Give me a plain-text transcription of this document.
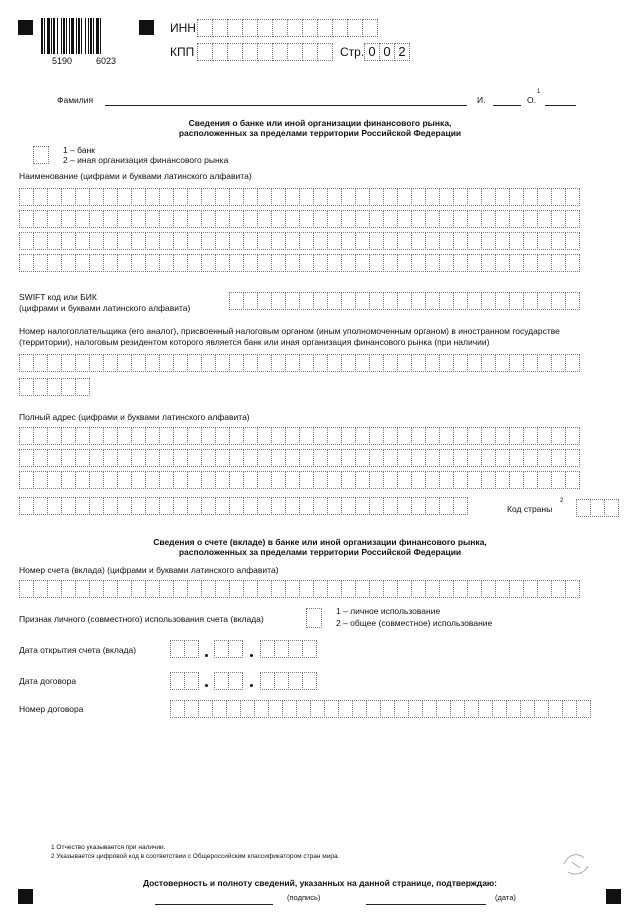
5190	6023
ИНН
КПП	Стр. 0 0 2
Фамилия	И.	О.
1
Сведения о банке или иной организации финансового рынка,
расположенных за пределами территории Российской Федерации
1 – банк
2 – иная организация финансового рынка
Наименование (цифрами и буквами латинского алфавита)
SWIFT код или БИК
(цифрами и буквами латинского алфавита)
Номер налогоплательщика (его аналог), присвоенный налоговым органом (иным уполномоченным органом) в иностранном государстве
(территории), налоговым резидентом которого является банк или иная организация финансового рынка (при наличии)
Полный адрес (цифрами и буквами латинского алфавита)
Код страны
2
Сведения о счете (вкладе) в банке или иной организации финансового рынка,
расположенных за пределами территории Российской Федерации
Номер счета (вклада) (цифрами и буквами латинского алфавита)
Признак личного (совместного) использования счета (вклада)
1 – личное использование
2 – общее (совместное) использование
Дата открытия счета (вклада)
Дата договора
Номер договора
1 Отчество указывается при наличии.
2 Указывается цифровой код в соответствии с Общероссийским классификатором стран мира.
Достоверность и полноту сведений, указанных на данной странице, подтверждаю:
(подпись)	(дата)
